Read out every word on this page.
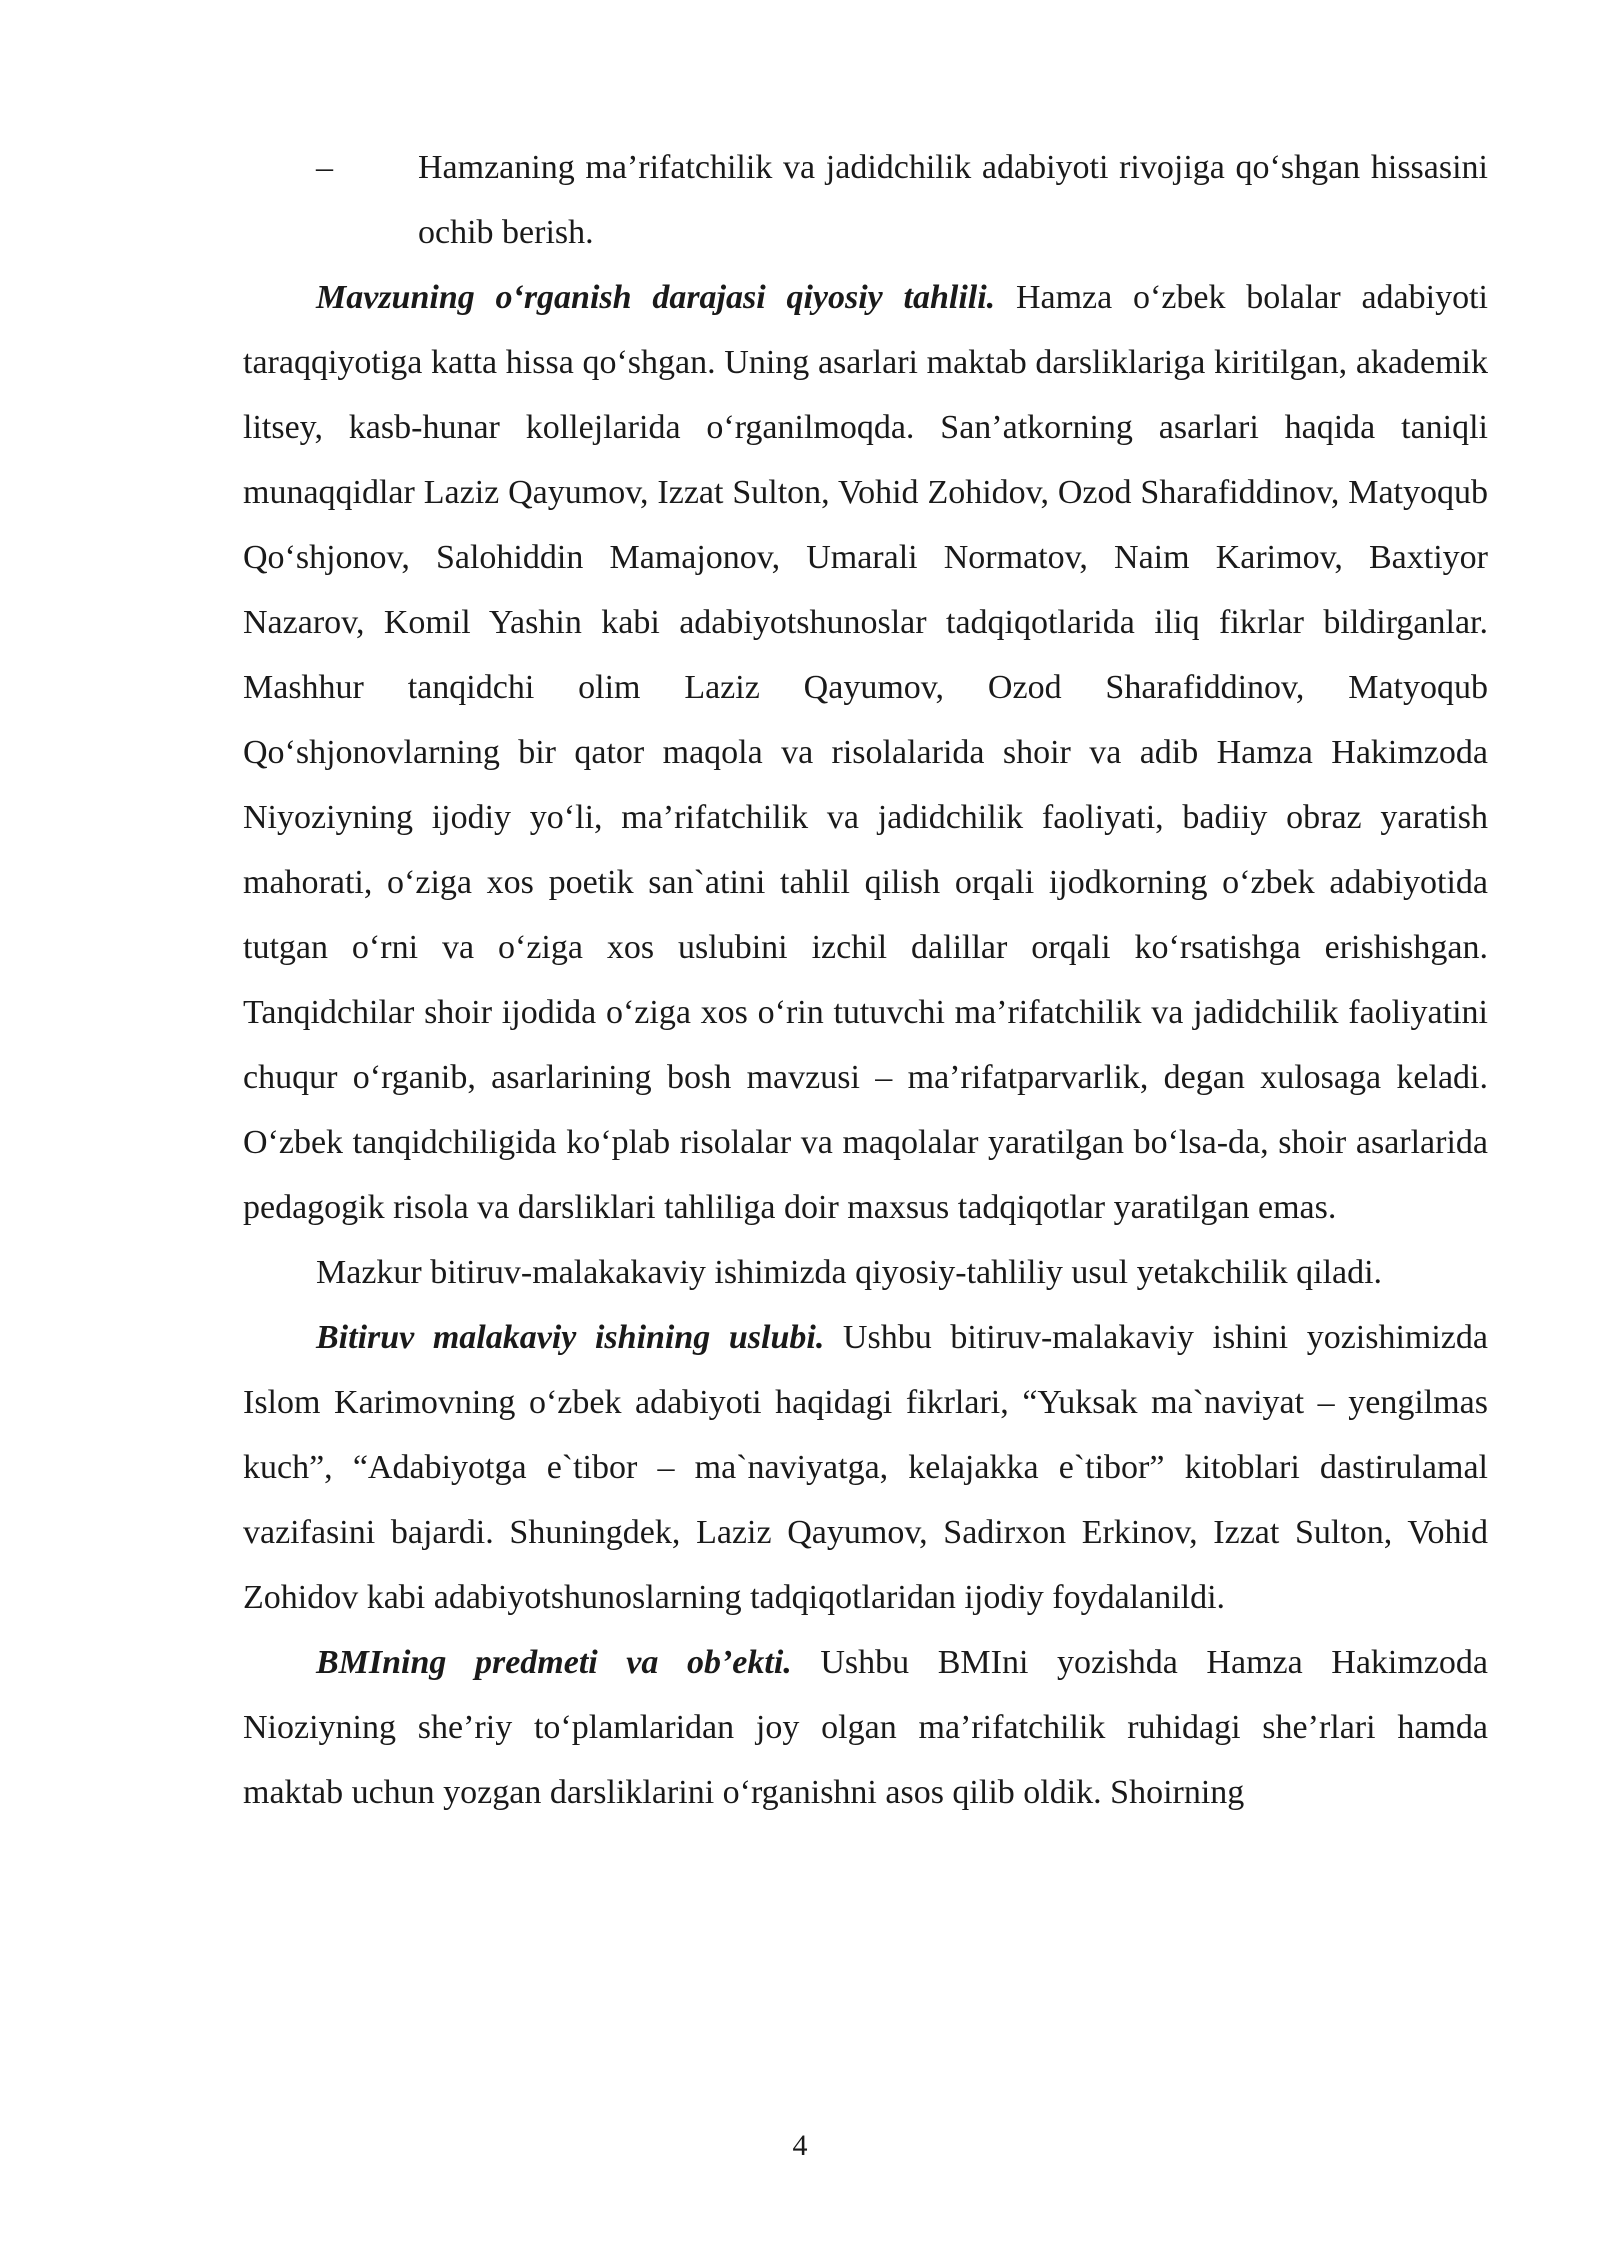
–	Hamzaning ma’rifatchilik va jadidchilik adabiyoti rivojiga qo‘shgan hissasini ochib berish.

Mavzuning o‘rganish darajasi qiyosiy tahlili. Hamza o‘zbek bolalar adabiyoti taraqqiyotiga katta hissa qo‘shgan. Uning asarlari maktab darsliklariga kiritilgan, akademik litsey, kasb-hunar kollejlarida o‘rganilmoqda. San’atkorning asarlari haqida taniqli munaqqidlar Laziz Qayumov, Izzat Sulton, Vohid Zohidov, Ozod Sharafiddinov, Matyoqub Qo‘shjonov, Salohiddin Mamajonov, Umarali Normatov, Naim Karimov, Baxtiyor Nazarov, Komil Yashin kabi adabiyotshunoslar tadqiqotlarida iliq fikrlar bildirganlar. Mashhur tanqidchi olim Laziz Qayumov, Ozod Sharafiddinov, Matyoqub Qo‘shjonovlarning bir qator maqola va risolalarida shoir va adib Hamza Hakimzoda Niyoziyning ijodiy yo‘li, ma’rifatchilik va jadidchilik faoliyati, badiiy obraz yaratish mahorati, o‘ziga xos poetik san`atini tahlil qilish orqali ijodkorning o‘zbek adabiyotida tutgan o‘rni va o‘ziga xos uslubini izchil dalillar orqali ko‘rsatishga erishishgan. Tanqidchilar shoir ijodida o‘ziga xos o‘rin tutuvchi ma’rifatchilik va jadidchilik faoliyatini chuqur o‘rganib, asarlarining bosh mavzusi – ma’rifatparvarlik, degan xulosaga keladi. O‘zbek tanqidchiligida ko‘plab risolalar va maqolalar yaratilgan bo‘lsa-da, shoir asarlarida pedagogik risola va darsliklari tahliliga doir maxsus tadqiqotlar yaratilgan emas.

Mazkur bitiruv-malakakaviy ishimizda qiyosiy-tahliliy usul yetakchilik qiladi.

Bitiruv malakaviy ishining uslubi. Ushbu bitiruv-malakaviy ishini yozishimizda Islom Karimovning o‘zbek adabiyoti haqidagi fikrlari, “Yuksak ma`naviyat – yengilmas kuch”, “Adabiyotga e`tibor – ma`naviyatga, kelajakka e`tibor” kitoblari dastirulamal vazifasini bajardi. Shuningdek, Laziz Qayumov, Sadirxon Erkinov, Izzat Sulton, Vohid Zohidov kabi adabiyotshunoslarning tadqiqotlaridan ijodiy foydalanildi.

BMIning predmeti va ob’ekti. Ushbu BMIni yozishda Hamza Hakimzoda Nioziyning she’riy to‘plamlaridan joy olgan ma’rifatchilik ruhidagi she’rlari hamda maktab uchun yozgan darsliklarini o‘rganishni asos qilib oldik. Shoirning

4
